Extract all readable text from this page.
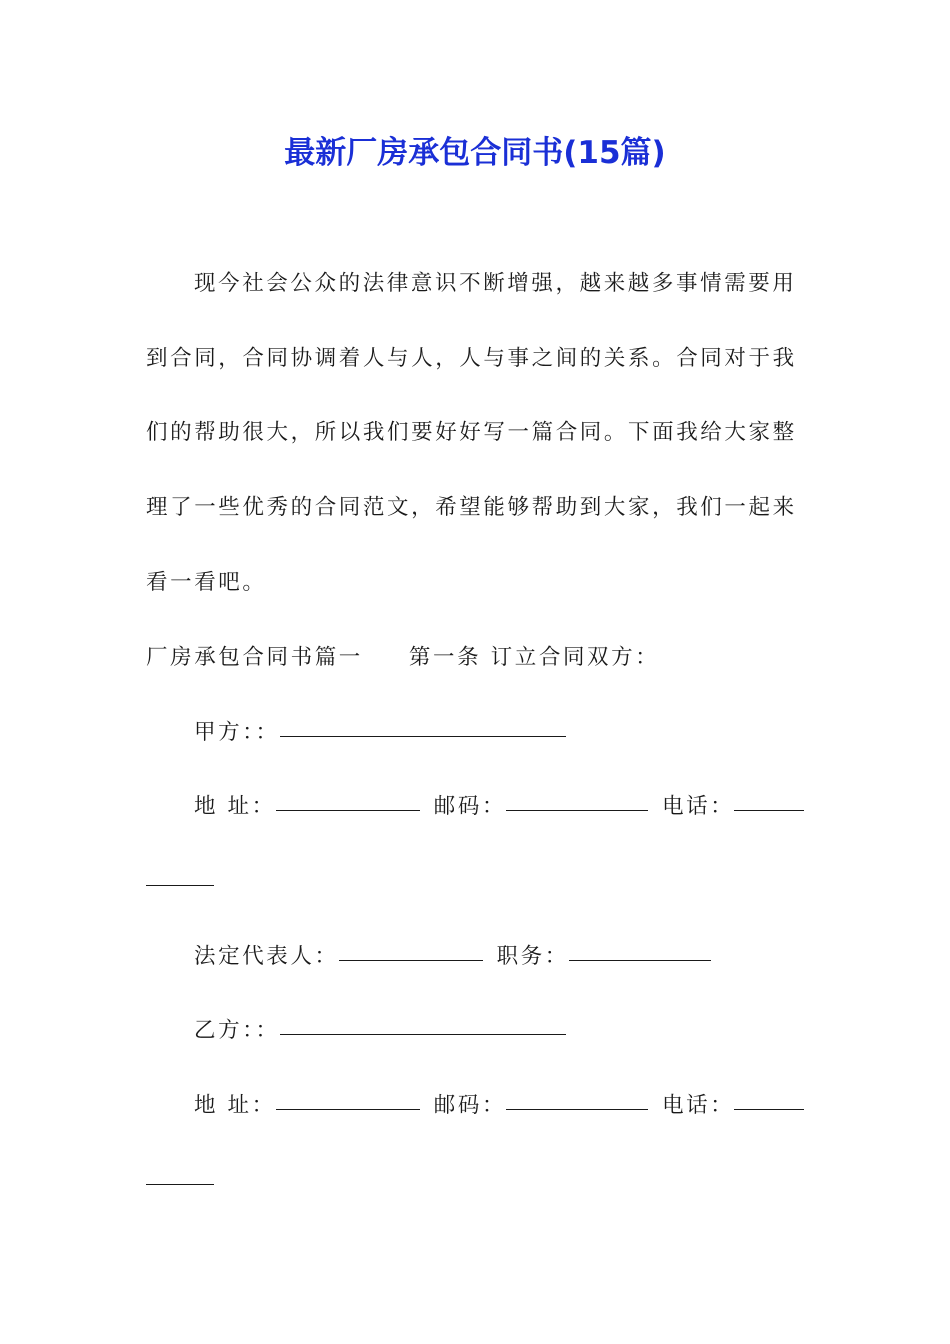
最新厂房承包合同书(15篇)
现今社会公众的法律意识不断增强，越来越多事情需要用
到合同，合同协调着人与人，人与事之间的关系。合同对于我
们的帮助很大，所以我们要好好写一篇合同。下面我给大家整
理了一些优秀的合同范文，希望能够帮助到大家，我们一起来
看一看吧。
厂房承包合同书篇一 第一条 订立合同双方：
甲方：：
地 址：	邮码：	电话：
法定代表人：	职务：
乙方：：
地 址：	邮码：	电话：
